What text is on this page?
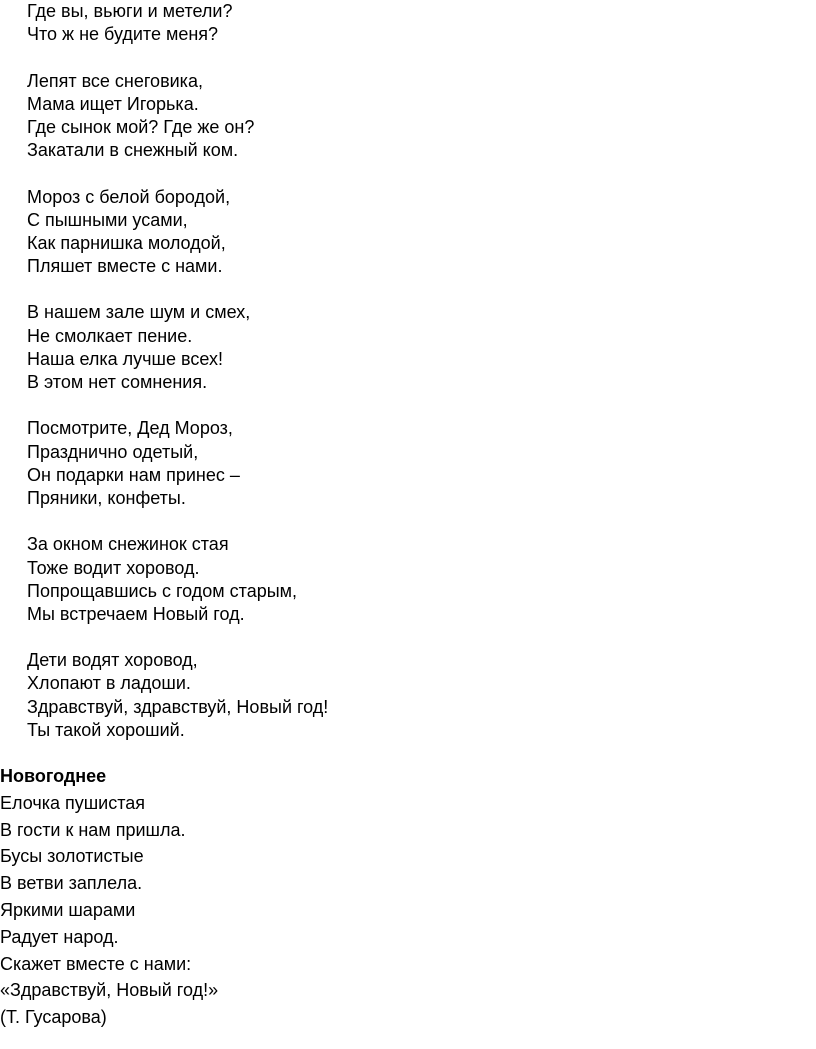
Где вы, вьюги и метели?
Что ж не будите меня?
Лепят все снеговика,
Мама ищет Игорька.
Где сынок мой? Где же он?
Закатали в снежный ком.
Мороз с белой бородой,
С пышными усами,
Как парнишка молодой,
Пляшет вместе с нами.
В нашем зале шум и смех,
Не смолкает пение.
Наша елка лучше всех!
В этом нет сомнения.
Посмотрите, Дед Мороз,
Празднично одетый,
Он подарки нам принес –
Пряники, конфеты.
За окном снежинок стая
Тоже водит хоровод.
Попрощавшись с годом старым,
Мы встречаем Новый год.
Дети водят хоровод,
Хлопают в ладоши.
Здравствуй, здравствуй, Новый год!
Ты такой хороший.
Новогоднее
Елочка пушистая
В гости к нам пришла.
Бусы золотистые
В ветви заплела.
Яркими шарами
Радует народ.
Скажет вместе с нами:
«Здравствуй, Новый год!»
(Т. Гусарова)
